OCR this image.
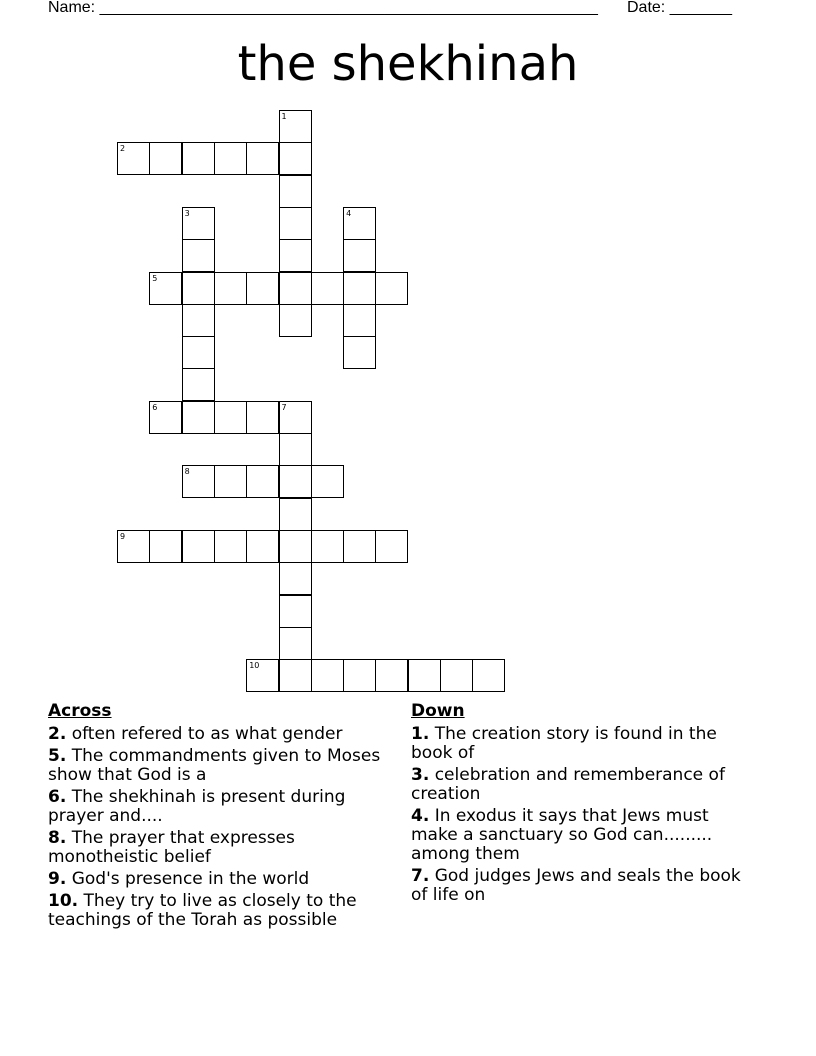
Name: ________________________________________________________ Date: _______
the shekhinah
1
2
3	4
5
6	7
8
9
10
Across
2. often refered to as what gender
5. The commandments given to Moses show that God is a
6. The shekhinah is present during prayer and....
8. The prayer that expresses monotheistic belief
9. God's presence in the world
10. They try to live as closely to the teachings of the Torah as possible
Down
1. The creation story is found in the book of
3. celebration and rememberance of creation
4. In exodus it says that Jews must make a sanctuary so God can......... among them
7. God judges Jews and seals the book of life on
